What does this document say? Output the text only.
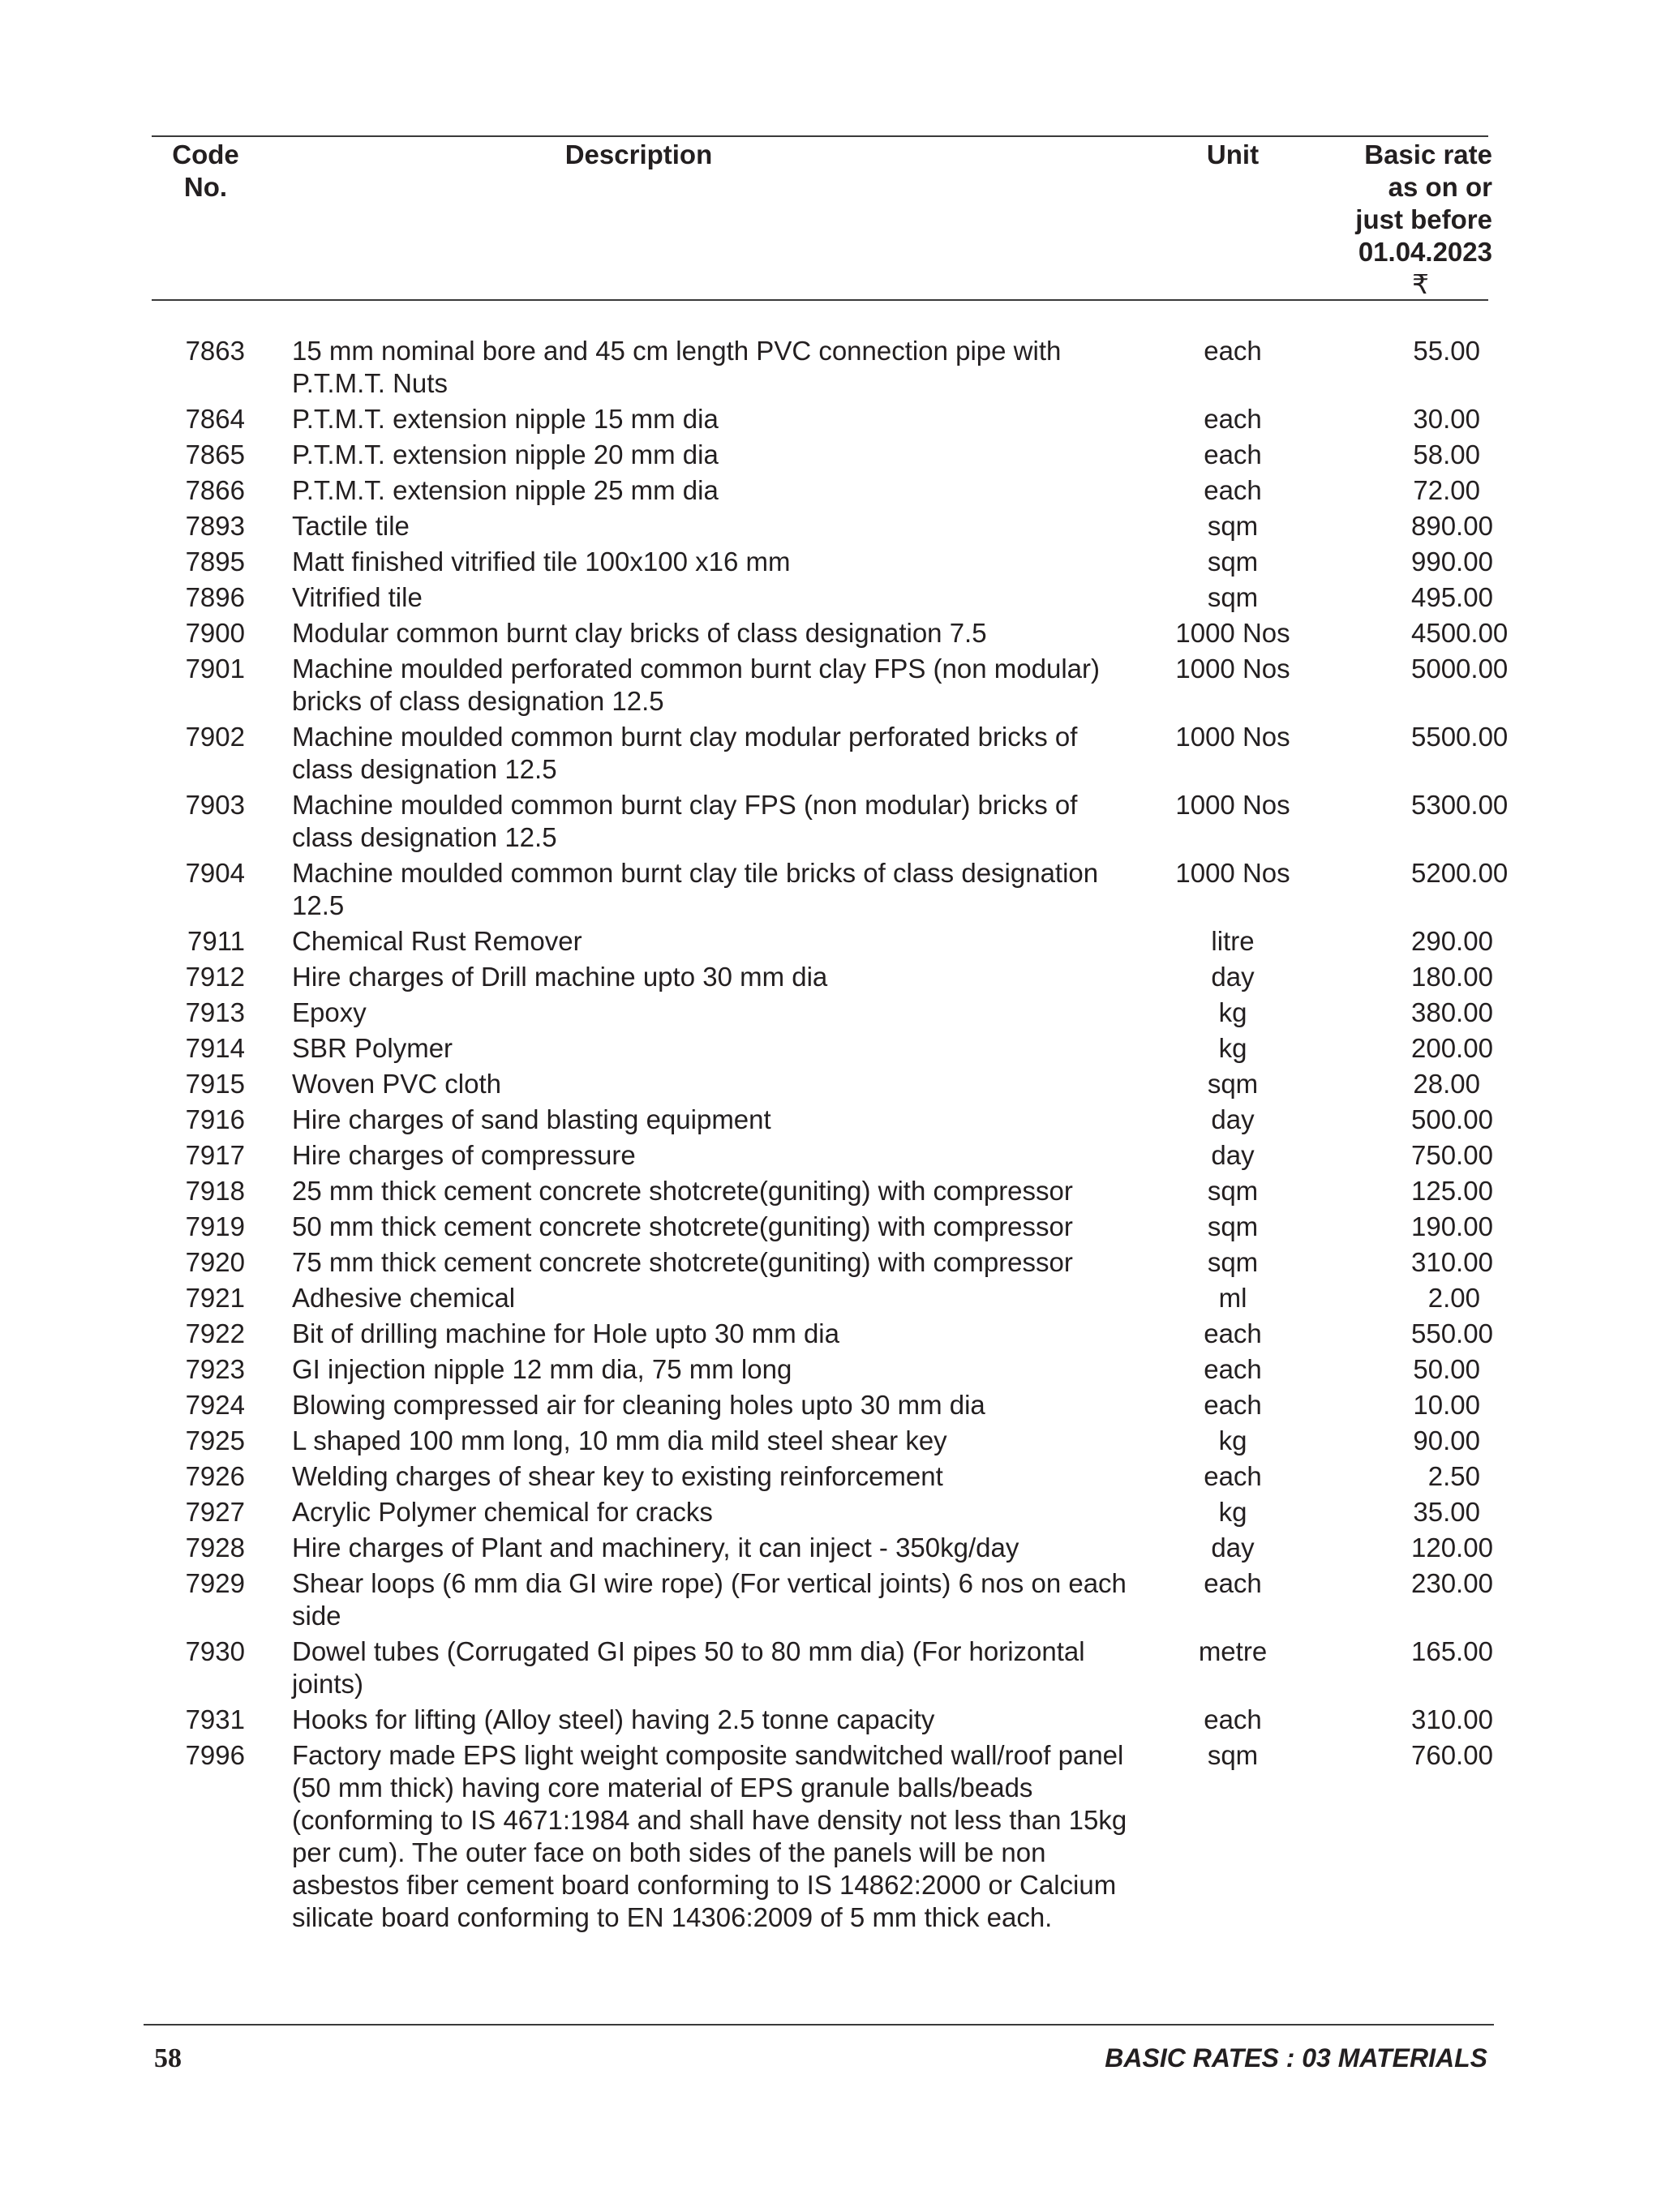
Code No.	Description	Unit	Basic rate
as on or
just before
01.04.2023
₹
7863	15 mm nominal bore and 45 cm length PVC connection pipe with P.T.M.T. Nuts	each	55.00
7864	P.T.M.T. extension nipple 15 mm dia	each	30.00
7865	P.T.M.T. extension nipple 20 mm dia	each	58.00
7866	P.T.M.T. extension nipple 25 mm dia	each	72.00
7893	Tactile tile	sqm	890.00
7895	Matt finished vitrified tile 100x100 x16 mm	sqm	990.00
7896	Vitrified tile	sqm	495.00
7900	Modular common burnt clay bricks of class designation 7.5	1000 Nos	4500.00
7901	Machine moulded perforated common burnt clay FPS (non modular) bricks of class designation 12.5	1000 Nos	5000.00
7902	Machine moulded common burnt clay modular perforated bricks of class designation 12.5	1000 Nos	5500.00
7903	Machine moulded common burnt clay FPS (non modular) bricks of class designation 12.5	1000 Nos	5300.00
7904	Machine moulded common burnt clay tile bricks of class designation 12.5	1000 Nos	5200.00
7911	Chemical Rust Remover	litre	290.00
7912	Hire charges of Drill machine upto 30 mm dia	day	180.00
7913	Epoxy	kg	380.00
7914	SBR Polymer	kg	200.00
7915	Woven PVC cloth	sqm	28.00
7916	Hire charges of sand blasting equipment	day	500.00
7917	Hire charges of compressure	day	750.00
7918	25 mm thick cement concrete shotcrete(guniting) with compressor	sqm	125.00
7919	50 mm thick cement concrete shotcrete(guniting) with compressor	sqm	190.00
7920	75 mm thick cement concrete shotcrete(guniting) with compressor	sqm	310.00
7921	Adhesive chemical	ml	2.00
7922	Bit of drilling machine for Hole upto 30 mm dia	each	550.00
7923	GI injection nipple 12 mm dia, 75 mm long	each	50.00
7924	Blowing compressed air for cleaning holes upto 30 mm dia	each	10.00
7925	L shaped 100 mm long, 10 mm dia mild steel shear key	kg	90.00
7926	Welding charges of shear key to existing reinforcement	each	2.50
7927	Acrylic Polymer chemical for cracks	kg	35.00
7928	Hire charges of Plant and machinery, it can inject - 350kg/day	day	120.00
7929	Shear loops (6 mm dia GI wire rope) (For vertical joints) 6 nos on each side	each	230.00
7930	Dowel tubes (Corrugated GI pipes 50 to 80 mm dia) (For horizontal joints)	metre	165.00
7931	Hooks for lifting (Alloy steel) having 2.5 tonne capacity	each	310.00
7996	Factory made EPS light weight composite sandwitched wall/roof panel (50 mm thick) having core material of EPS granule balls/beads (conforming to IS 4671:1984 and shall have density not less than 15kg per cum). The outer face on both sides of the panels will be non asbestos fiber cement board conforming to IS 14862:2000 or Calcium silicate board conforming to EN 14306:2009 of 5 mm thick each.	sqm	760.00
58	BASIC RATES : 03 MATERIALS
